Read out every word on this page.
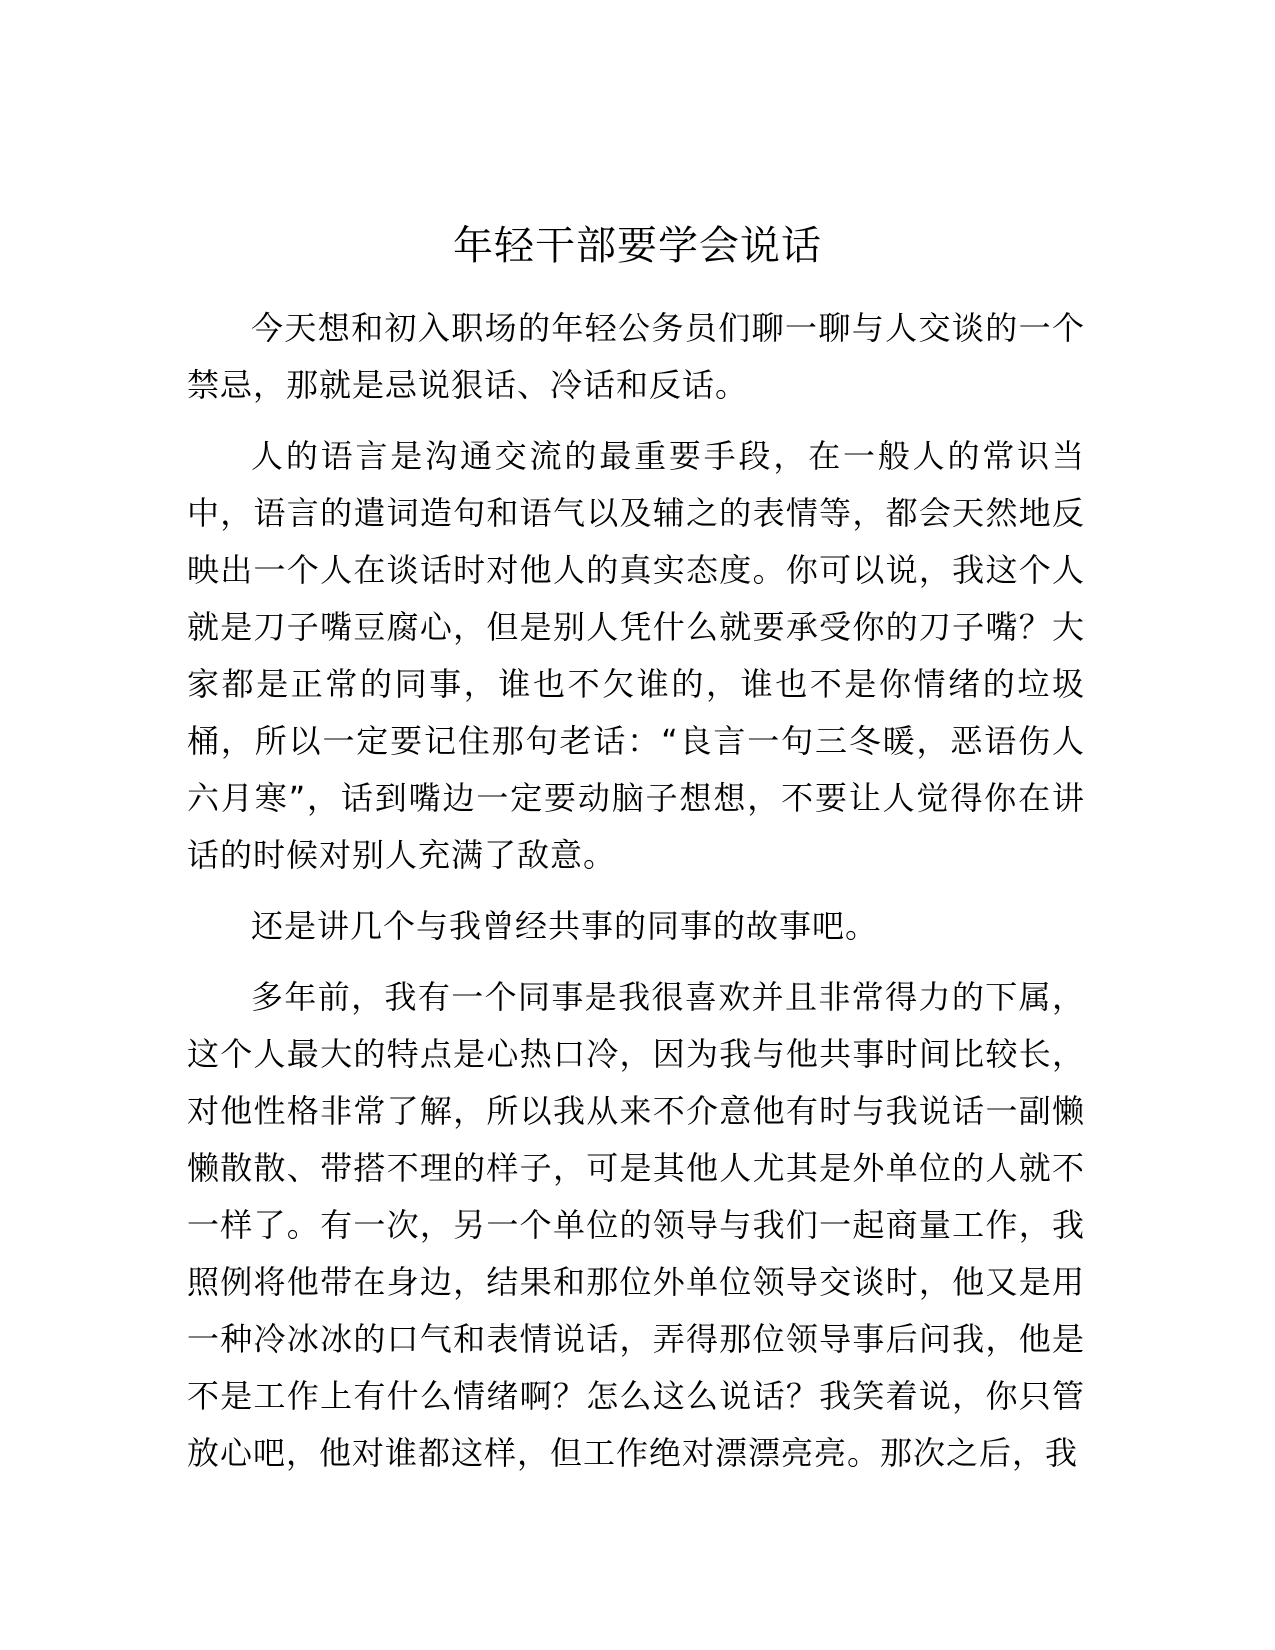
年轻干部要学会说话

今天想和初入职场的年轻公务员们聊一聊与人交谈的一个禁忌，那就是忌说狠话、冷话和反话。

人的语言是沟通交流的最重要手段，在一般人的常识当中，语言的遣词造句和语气以及辅之的表情等，都会天然地反映出一个人在谈话时对他人的真实态度。你可以说，我这个人就是刀子嘴豆腐心，但是别人凭什么就要承受你的刀子嘴？大家都是正常的同事，谁也不欠谁的，谁也不是你情绪的垃圾桶，所以一定要记住那句老话：“良言一句三冬暖，恶语伤人六月寒”，话到嘴边一定要动脑子想想，不要让人觉得你在讲话的时候对别人充满了敌意。

还是讲几个与我曾经共事的同事的故事吧。

多年前，我有一个同事是我很喜欢并且非常得力的下属，这个人最大的特点是心热口冷，因为我与他共事时间比较长，对他性格非常了解，所以我从来不介意他有时与我说话一副懒懒散散、带搭不理的样子，可是其他人尤其是外单位的人就不一样了。有一次，另一个单位的领导与我们一起商量工作，我照例将他带在身边，结果和那位外单位领导交谈时，他又是用一种冷冰冰的口气和表情说话，弄得那位领导事后问我，他是不是工作上有什么情绪啊？怎么这么说话？我笑着说，你只管放心吧，他对谁都这样，但工作绝对漂漂亮亮。那次之后，我
